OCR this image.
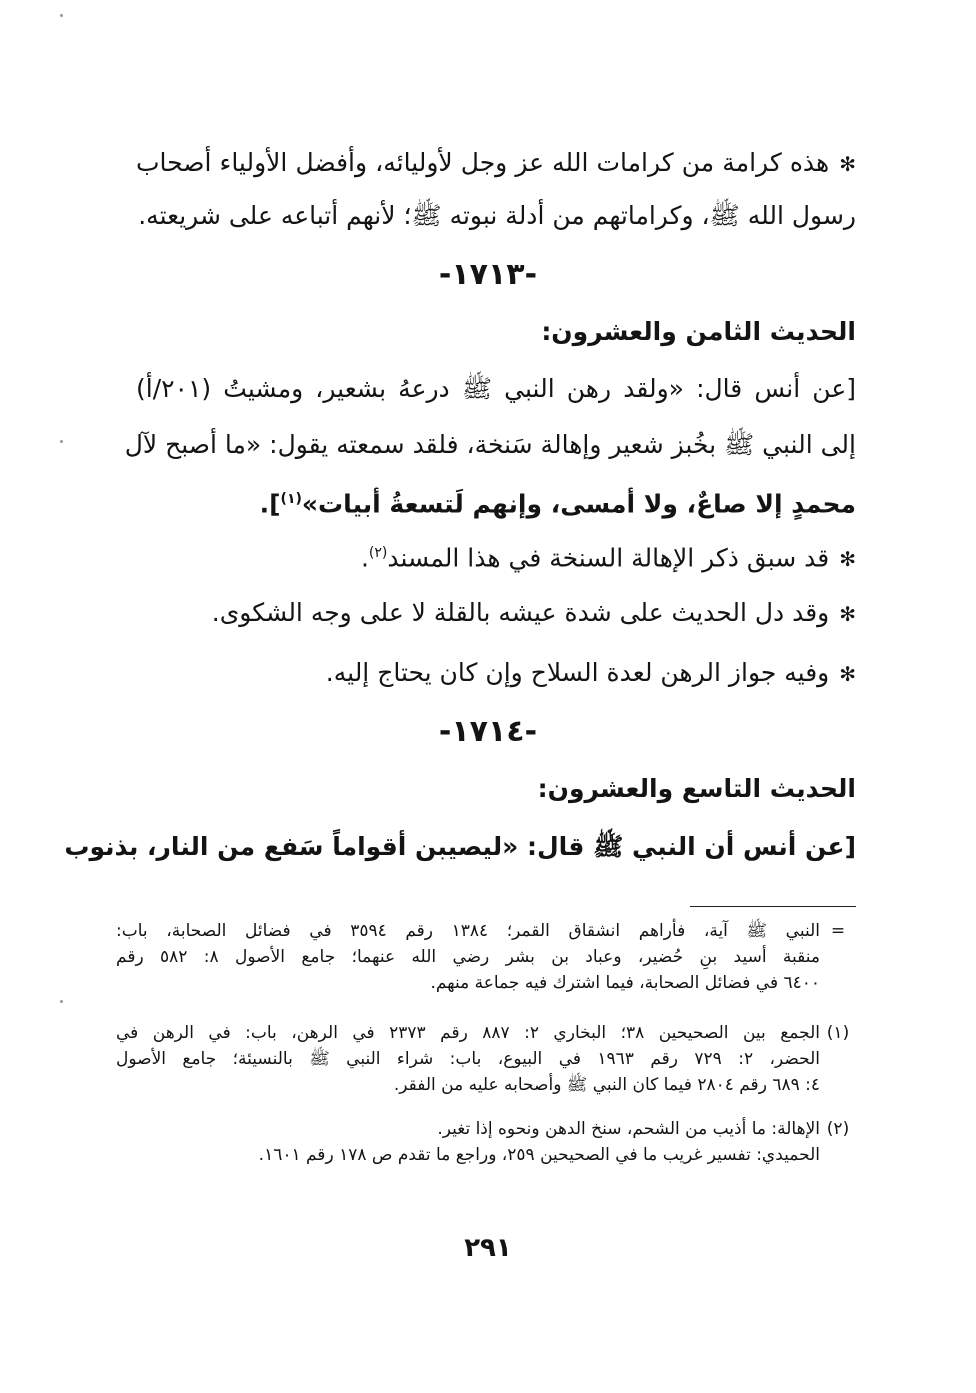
✻هذه كرامة من كرامات الله عز وجل لأوليائه، وأفضل الأولياء أصحاب
رسول الله ﷺ، وكراماتهم من أدلة نبوته ﷺ؛ لأنهم أتباعه على شريعته.
-١٧١٣-
الحديث الثامن والعشرون:
[عن أنس قال: «ولقد رهن النبي ﷺ درعهُ بشعير، ومشيتُ (٢٠١/أ)
إلى النبي ﷺ بخُبز شعير وإهالة سَنخة، فلقد سمعته يقول: «ما أصبح لآل
محمدٍ إلا صاعٌ، ولا أمسى، وإنهم لَتسعةُ أبيات»$^{(١)}$].
✻قد سبق ذكر الإهالة السنخة في هذا المسند$^{(٢)}$.
✻وقد دل الحديث على شدة عيشه بالقلة لا على وجه الشكوى.
✻وفيه جواز الرهن لعدة السلاح وإن كان يحتاج إليه.
-١٧١٤-
الحديث التاسع والعشرون:
[عن أنس أن النبي ﷺ قال: «ليصيبن أقواماً سَفع من النار، بذنوب
=
النبي ﷺ آية، فأراهم انشقاق القمر؛ ١٣٨٤ رقم ٣٥٩٤ في فضائل الصحابة، باب:
منقبة أسيد بنِ حُضير، وعباد بن بشر رضي الله عنهما؛ جامع الأصول ٨: ٥٨٢ رقم
٦٤٠٠ في فضائل الصحابة، فيما اشترك فيه جماعة منهم.
(١)
الجمع بين الصحيحين ٣٨؛ البخاري ٢: ٨٨٧ رقم ٢٣٧٣ في الرهن، باب: في الرهن في
الحضر، ٢: ٧٢٩ رقم ١٩٦٣ في البيوع، باب: شراء النبي ﷺ بالنسيئة؛ جامع الأصول
٤: ٦٨٩ رقم ٢٨٠٤ فيما كان النبي ﷺ وأصحابه عليه من الفقر.
(٢)
الإهالة: ما أذيب من الشحم، سنخ الدهن ونحوه إذا تغير.
الحميدي: تفسير غريب ما في الصحيحين ٢٥٩، وراجع ما تقدم ص ١٧٨ رقم ١٦٠١.
٢٩١
